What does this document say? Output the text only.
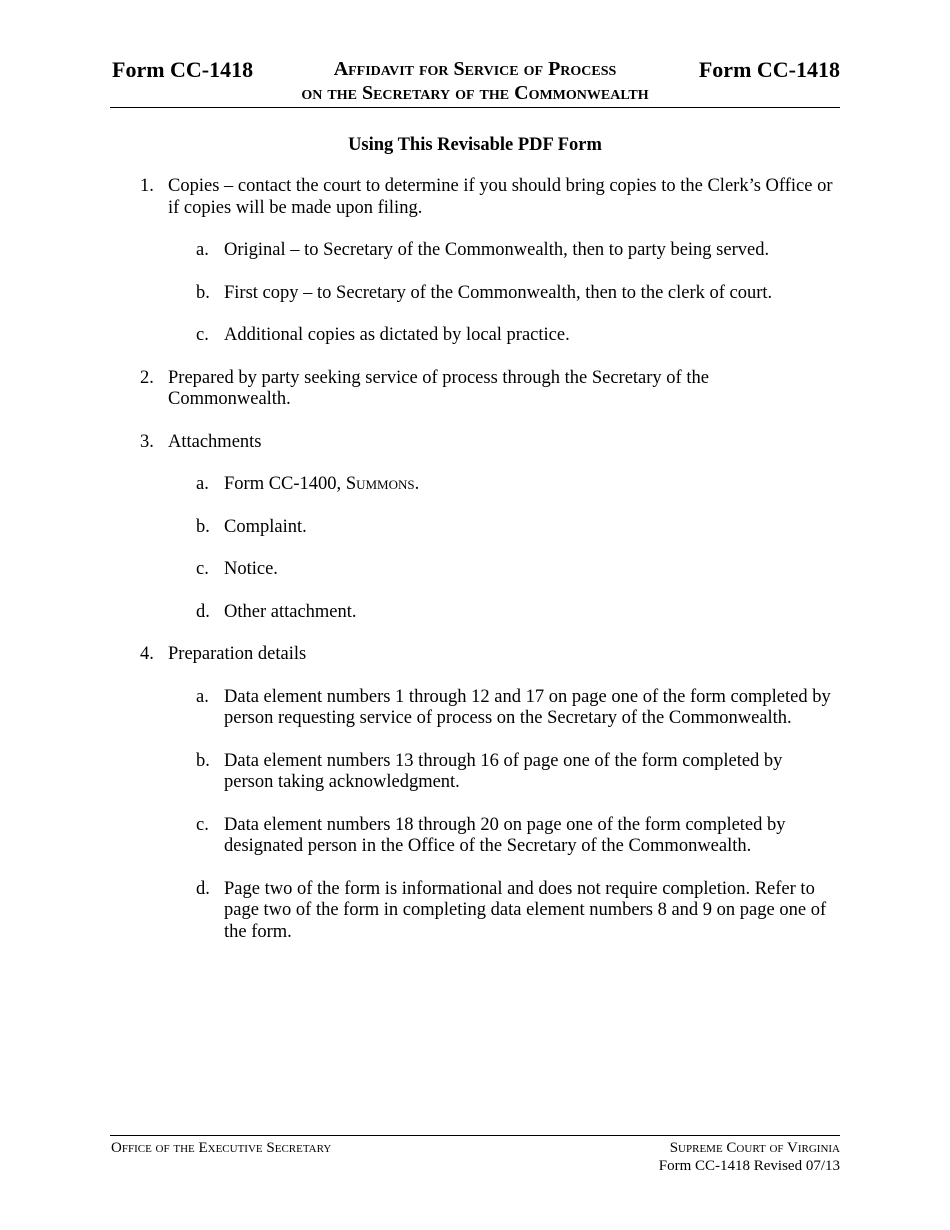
Form CC-1418	Affidavit for Service of Process
on the Secretary of the Commonwealth
Form CC-1418
Using This Revisable PDF Form
1. Copies – contact the court to determine if you should bring copies to the Clerk’s Office or if copies will be made upon filing.
a. Original – to Secretary of the Commonwealth, then to party being served.
b. First copy – to Secretary of the Commonwealth, then to the clerk of court.
c. Additional copies as dictated by local practice.
2. Prepared by party seeking service of process through the Secretary of the Commonwealth.
3. Attachments
a. Form CC-1400, Summons.
b. Complaint.
c. Notice.
d. Other attachment.
4. Preparation details
a. Data element numbers 1 through 12 and 17 on page one of the form completed by person requesting service of process on the Secretary of the Commonwealth.
b. Data element numbers 13 through 16 of page one of the form completed by person taking acknowledgment.
c. Data element numbers 18 through 20 on page one of the form completed by designated person in the Office of the Secretary of the Commonwealth.
d. Page two of the form is informational and does not require completion. Refer to page two of the form in completing data element numbers 8 and 9 on page one of the form.
Office of the Executive Secretary	Supreme Court of Virginia
Form CC-1418 Revised 07/13
